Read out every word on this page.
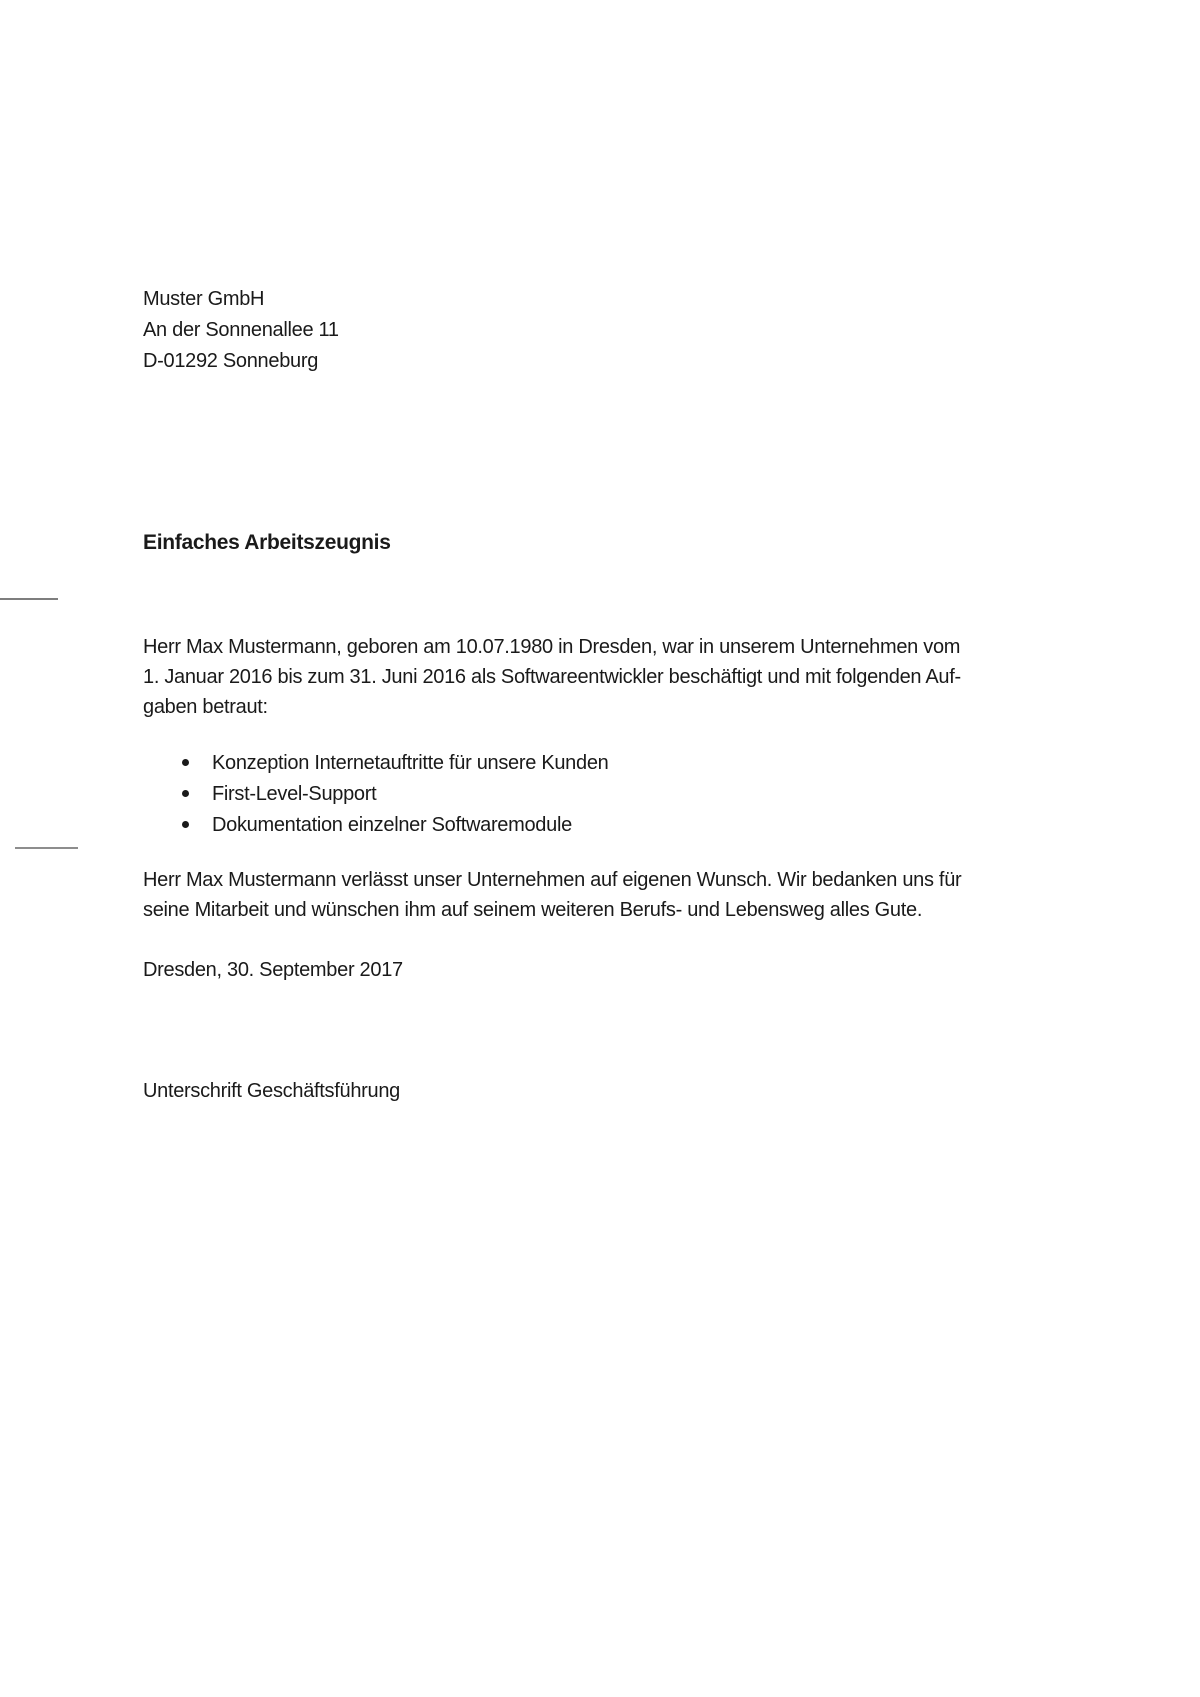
Muster GmbH
An der Sonnenallee 11
D-01292 Sonneburg
Einfaches Arbeitszeugnis
Herr Max Mustermann, geboren am 10.07.1980 in Dresden, war in unserem Unternehmen vom
1. Januar 2016 bis zum 31. Juni 2016 als Softwareentwickler beschäftigt und mit folgenden Auf-
gaben betraut:
Konzeption Internetauftritte für unsere Kunden
First-Level-Support
Dokumentation einzelner Softwaremodule
Herr Max Mustermann verlässt unser Unternehmen auf eigenen Wunsch. Wir bedanken uns für
seine Mitarbeit und wünschen ihm auf seinem weiteren Berufs- und Lebensweg alles Gute.
Dresden, 30. September 2017
Unterschrift Geschäftsführung
